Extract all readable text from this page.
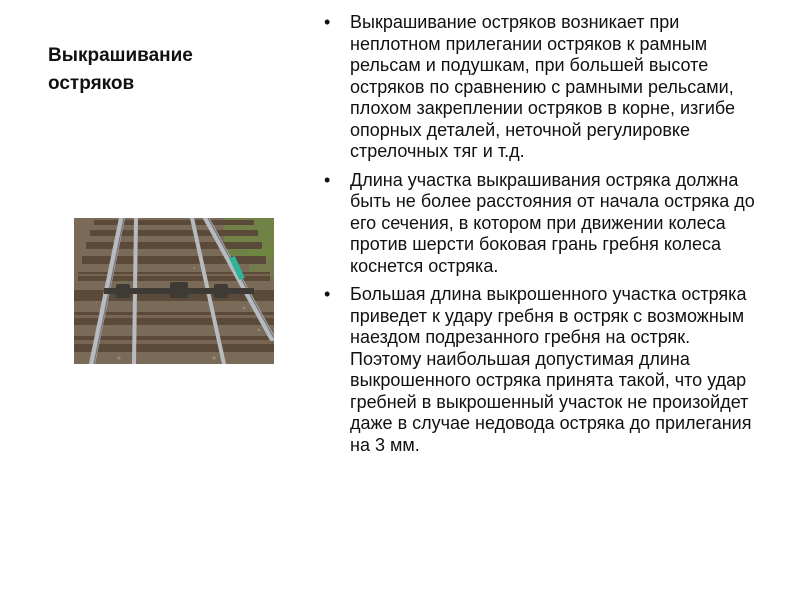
Выкрашивание остряков
• Выкрашивание остряков возникает при неплотном прилегании остряков к рамным рельсам и подушкам, при большей высоте остряков по сравнению с рамными рельсами, плохом закреплении остряков в корне, изгибе опорных деталей, неточной регулировке стрелочных тяг и т.д.
• Длина участка выкрашивания остряка должна быть не более расстояния от начала остряка до его сечения, в котором при движении колеса против шерсти боковая грань гребня колеса коснется остряка.
• Большая длина выкрошенного участка остряка приведет к удару гребня в остряк с возможным наездом подрезанного гребня на остряк. Поэтому наибольшая допустимая длина выкрошенного остряка принята такой, что удар гребней в выкрошенный участок не произойдет даже в случае недовода остряка до прилегания на 3 мм.
